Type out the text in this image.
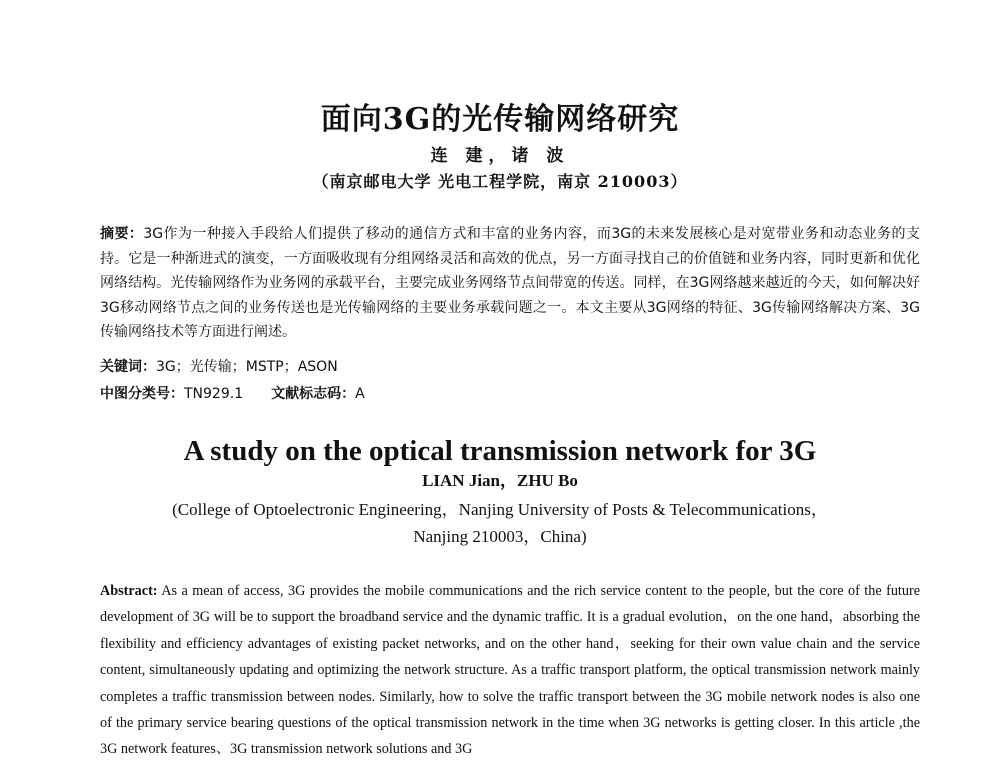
面向3G的光传输网络研究
连 建，诸 波
（南京邮电大学 光电工程学院，南京 210003）
摘要：3G作为一种接入手段给人们提供了移动的通信方式和丰富的业务内容，而3G的未来发展核心是对宽带业务和动态业务的支持。它是一种渐进式的演变，一方面吸收现有分组网络灵活和高效的优点，另一方面寻找自己的价值链和业务内容，同时更新和优化网络结构。光传输网络作为业务网的承载平台，主要完成业务网络节点间带宽的传送。同样，在3G网络越来越近的今天，如何解决好3G移动网络节点之间的业务传送也是光传输网络的主要业务承载问题之一。本文主要从3G网络的特征、3G传输网络解决方案、3G传输网络技术等方面进行阐述。
关键词：3G；光传输；MSTP；ASON
中图分类号：TN929.1 文献标志码：A
A study on the optical transmission network for 3G
LIAN Jian，ZHU Bo
(College of Optoelectronic Engineering，Nanjing University of Posts & Telecommunications，
Nanjing 210003，China)
Abstract: As a mean of access, 3G provides the mobile communications and the rich service content to the people, but the core of the future development of 3G will be to support the broadband service and the dynamic traffic. It is a gradual evolution，on the one hand，absorbing the flexibility and efficiency advantages of existing packet networks, and on the other hand，seeking for their own value chain and the service content, simultaneously updating and optimizing the network structure. As a traffic transport platform, the optical transmission network mainly completes a traffic transmission between nodes. Similarly, how to solve the traffic transport between the 3G mobile network nodes is also one of the primary service bearing questions of the optical transmission network in the time when 3G networks is getting closer. In this article ,the 3G network features、3G transmission network solutions and 3G
